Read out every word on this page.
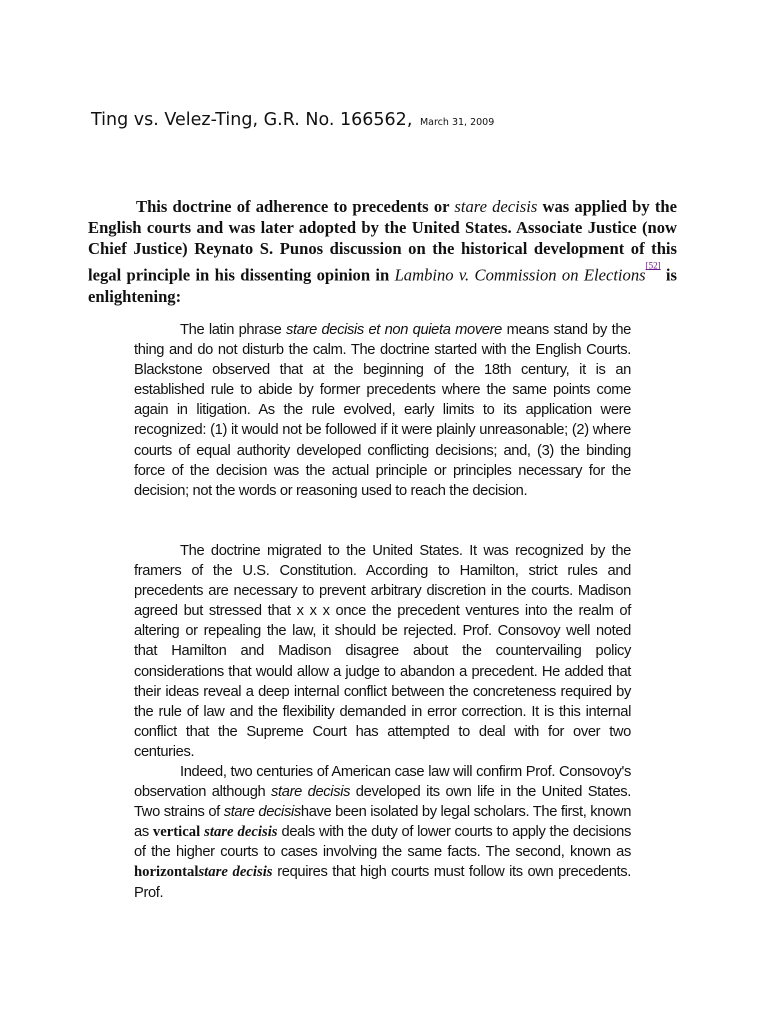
Ting vs. Velez-Ting, G.R. No. 166562, March 31, 2009

This doctrine of adherence to precedents or stare decisis was applied by the English courts and was later adopted by the United States. Associate Justice (now Chief Justice) Reynato S. Punos discussion on the historical development of this legal principle in his dissenting opinion in Lambino v. Commission on Elections[52] is enlightening:

The latin phrase stare decisis et non quieta movere means stand by the thing and do not disturb the calm. The doctrine started with the English Courts. Blackstone observed that at the beginning of the 18th century, it is an established rule to abide by former precedents where the same points come again in litigation. As the rule evolved, early limits to its application were recognized: (1) it would not be followed if it were plainly unreasonable; (2) where courts of equal authority developed conflicting decisions; and, (3) the binding force of the decision was the actual principle or principles necessary for the decision; not the words or reasoning used to reach the decision.

The doctrine migrated to the United States. It was recognized by the framers of the U.S. Constitution. According to Hamilton, strict rules and precedents are necessary to prevent arbitrary discretion in the courts. Madison agreed but stressed that x x x once the precedent ventures into the realm of altering or repealing the law, it should be rejected. Prof. Consovoy well noted that Hamilton and Madison disagree about the countervailing policy considerations that would allow a judge to abandon a precedent. He added that their ideas reveal a deep internal conflict between the concreteness required by the rule of law and the flexibility demanded in error correction. It is this internal conflict that the Supreme Court has attempted to deal with for over two centuries.

Indeed, two centuries of American case law will confirm Prof. Consovoy's observation although stare decisis developed its own life in the United States. Two strains of stare decisishave been isolated by legal scholars. The first, known as vertical stare decisis deals with the duty of lower courts to apply the decisions of the higher courts to cases involving the same facts. The second, known as horizontalstare decisis requires that high courts must follow its own precedents. Prof.
